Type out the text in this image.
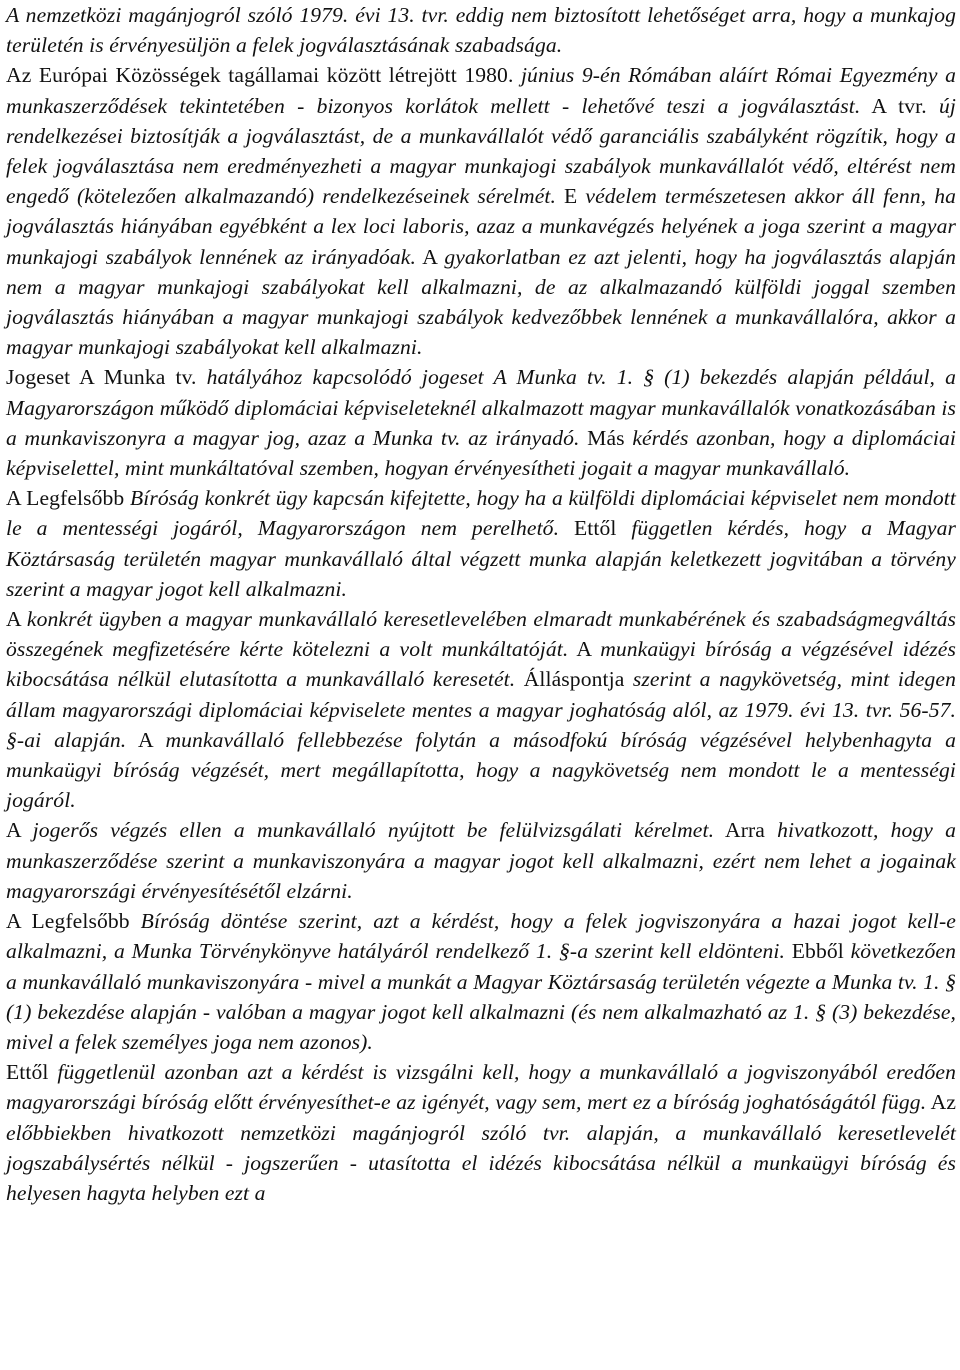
A nemzetközi magánjogról szóló 1979. évi 13. tvr. eddig nem biztosított lehetőséget arra, hogy a munkajog területén is érvényesüljön a felek jogválasztásának szabadsága.

Az Európai Közösségek tagállamai között létrejött 1980. június 9-én Rómában aláírt Római Egyezmény a munkaszerződések tekintetében - bizonyos korlátok mellett - lehetővé teszi a jogválasztást. A tvr. új rendelkezései biztosítják a jogválasztást, de a munkavállalót védő garanciális szabályként rögzítik, hogy a felek jogválasztása nem eredményezheti a magyar munkajogi szabályok munkavállalót védő, eltérést nem engedő (kötelezően alkalmazandó) rendelkezéseinek sérelmét. E védelem természetesen akkor áll fenn, ha jogválasztás hiányában egyébként a lex loci laboris, azaz a munkavégzés helyének a joga szerint a magyar munkajogi szabályok lennének az irányadóak. A gyakorlatban ez azt jelenti, hogy ha jogválasztás alapján nem a magyar munkajogi szabályokat kell alkalmazni, de az alkalmazandó külföldi joggal szemben jogválasztás hiányában a magyar munkajogi szabályok kedvezőbbek lennének a munkavállalóra, akkor a magyar munkajogi szabályokat kell alkalmazni.

Jogeset A Munka tv. hatályához kapcsolódó jogeset A Munka tv. 1. § (1) bekezdés alapján például, a Magyarországon működő diplomáciai képviseleteknél alkalmazott magyar munkavállalók vonatkozásában is a munkaviszonyra a magyar jog, azaz a Munka tv. az irányadó. Más kérdés azonban, hogy a diplomáciai képviselettel, mint munkáltatóval szemben, hogyan érvényesítheti jogait a magyar munkavállaló.

A Legfelsőbb Bíróság konkrét ügy kapcsán kifejtette, hogy ha a külföldi diplomáciai képviselet nem mondott le a mentességi jogáról, Magyarországon nem perelhető. Ettől független kérdés, hogy a Magyar Köztársaság területén magyar munkavállaló által végzett munka alapján keletkezett jogvitában a törvény szerint a magyar jogot kell alkalmazni.

A konkrét ügyben a magyar munkavállaló keresetlevelében elmaradt munkabérének és szabadságmegváltás összegének megfizetésére kérte kötelezni a volt munkáltatóját. A munkaügyi bíróság a végzésével idézés kibocsátása nélkül elutasította a munkavállaló keresetét. Álláspontja szerint a nagykövetség, mint idegen állam magyarországi diplomáciai képviselete mentes a magyar joghatóság alól, az 1979. évi 13. tvr. 56-57. §-ai alapján. A munkavállaló fellebbezése folytán a másodfokú bíróság végzésével helybenhagyta a munkaügyi bíróság végzését, mert megállapította, hogy a nagykövetség nem mondott le a mentességi jogáról.

A jogerős végzés ellen a munkavállaló nyújtott be felülvizsgálati kérelmet. Arra hivatkozott, hogy a munkaszerződése szerint a munkaviszonyára a magyar jogot kell alkalmazni, ezért nem lehet a jogainak magyarországi érvényesítésétől elzárni.

A Legfelsőbb Bíróság döntése szerint, azt a kérdést, hogy a felek jogviszonyára a hazai jogot kell-e alkalmazni, a Munka Törvénykönyve hatályáról rendelkező 1. §-a szerint kell eldönteni. Ebből következően a munkavállaló munkaviszonyára - mivel a munkát a Magyar Köztársaság területén végezte a Munka tv. 1. § (1) bekezdése alapján - valóban a magyar jogot kell alkalmazni (és nem alkalmazható az 1. § (3) bekezdése, mivel a felek személyes joga nem azonos).

Ettől függetlenül azonban azt a kérdést is vizsgálni kell, hogy a munkavállaló a jogviszonyából eredően magyarországi bíróság előtt érvényesíthet-e az igényét, vagy sem, mert ez a bíróság joghatóságától függ. Az előbbiekben hivatkozott nemzetközi magánjogról szóló tvr. alapján, a munkavállaló keresetlevelét jogszabálysértés nélkül - jogszerűen - utasította el idézés kibocsátása nélkül a munkaügyi bíróság és helyesen hagyta helyben ezt a
